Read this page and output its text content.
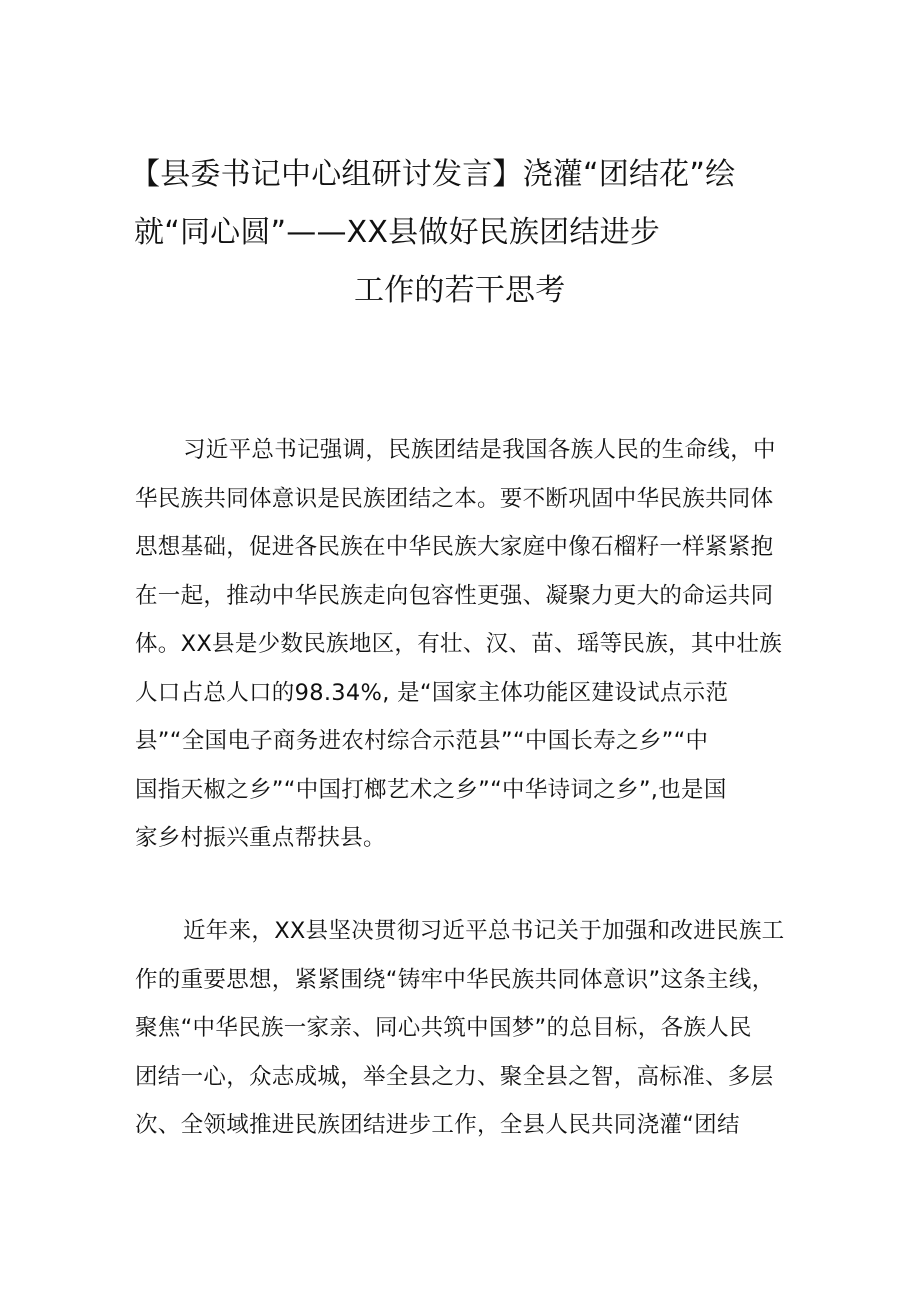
【县委书记中心组研讨发言】浇灌“团结花”绘
就“同心圆”——XX县做好民族团结进步
工作的若干思考
习近平总书记强调，民族团结是我国各族人民的生命线，中
华民族共同体意识是民族团结之本。要不断巩固中华民族共同体
思想基础，促进各民族在中华民族大家庭中像石榴籽一样紧紧抱
在一起，推动中华民族走向包容性更强、凝聚力更大的命运共同
体。XX县是少数民族地区，有壮、汉、苗、瑶等民族，其中壮族
人口占总人口的98.34%, 是“国家主体功能区建设试点示范
县”“全国电子商务进农村综合示范县”“中国长寿之乡”“中
国指天椒之乡”“中国打榔艺术之乡”“中华诗词之乡”,也是国
家乡村振兴重点帮扶县。
近年来，XX县坚决贯彻习近平总书记关于加强和改进民族工
作的重要思想，紧紧围绕“铸牢中华民族共同体意识”这条主线，
聚焦“中华民族一家亲、同心共筑中国梦”的总目标，各族人民
团结一心，众志成城，举全县之力、聚全县之智，高标准、多层
次、全领域推进民族团结进步工作，全县人民共同浇灌“团结
